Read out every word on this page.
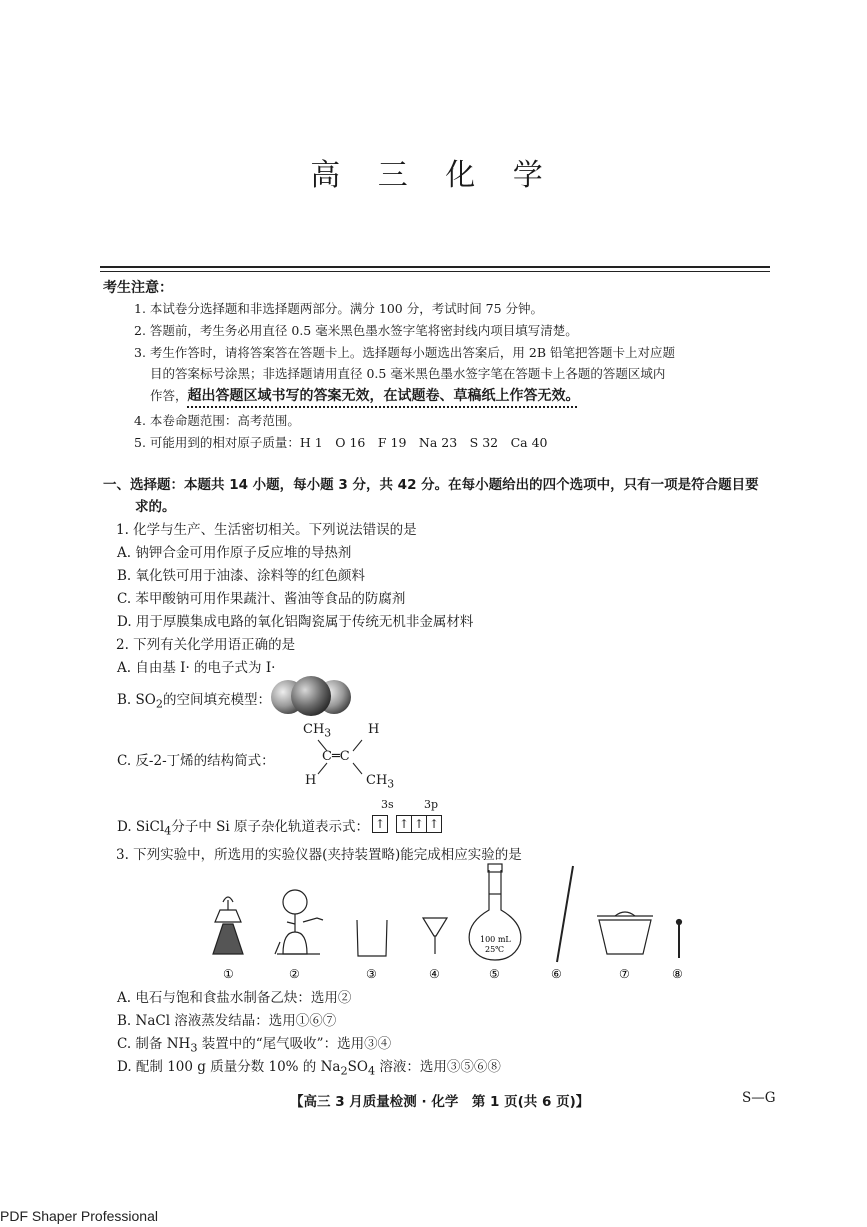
高 三 化 学
考生注意：
1. 本试卷分选择题和非选择题两部分。满分 100 分，考试时间 75 分钟。
2. 答题前，考生务必用直径 0.5 毫米黑色墨水签字笔将密封线内项目填写清楚。
3. 考生作答时，请将答案答在答题卡上。选择题每小题选出答案后，用 2B 铅笔把答题卡上对应题
目的答案标号涂黑；非选择题请用直径 0.5 毫米黑色墨水签字笔在答题卡上各题的答题区域内
作答，超出答题区域书写的答案无效，在试题卷、草稿纸上作答无效。
4. 本卷命题范围：高考范围。
5. 可能用到的相对原子质量：H 1　O 16　F 19　Na 23　S 32　Ca 40
一、选择题：本题共 14 小题，每小题 3 分，共 42 分。在每小题给出的四个选项中，只有一项是符合题目要
求的。
1. 化学与生产、生活密切相关。下列说法错误的是
A. 钠钾合金可用作原子反应堆的导热剂
B. 氧化铁可用于油漆、涂料等的红色颜料
C. 苯甲酸钠可用作果蔬汁、酱油等食品的防腐剂
D. 用于厚膜集成电路的氧化铝陶瓷属于传统无机非金属材料
2. 下列有关化学用语正确的是
A. 自由基 I· 的电子式为 I·
B. $SO_2$的空间填充模型：
C. 反-2-丁烯的结构简式：
$CH_3$	H
C═C
H	$CH_3$
D. SiCl$_4$分子中 Si 原子杂化轨道表示式：
3s	3p
↑ ↑ ↑ ↑
3. 下列实验中，所选用的实验仪器(夹持装置略)能完成相应实验的是
100 mL
25℃
①	②	③	④	⑤	⑥	⑦	⑧
A. 电石与饱和食盐水制备乙炔：选用②
B. NaCl 溶液蒸发结晶：选用①⑥⑦
C. 制备 $NH_3$ 装置中的“尾气吸收”：选用③④
D. 配制 100 g 质量分数 10% 的 $Na_2SO_4$ 溶液：选用③⑤⑥⑧
【高三 3 月质量检测 · 化学　第 1 页(共 6 页)】	S—G
PDF Shaper Professional
